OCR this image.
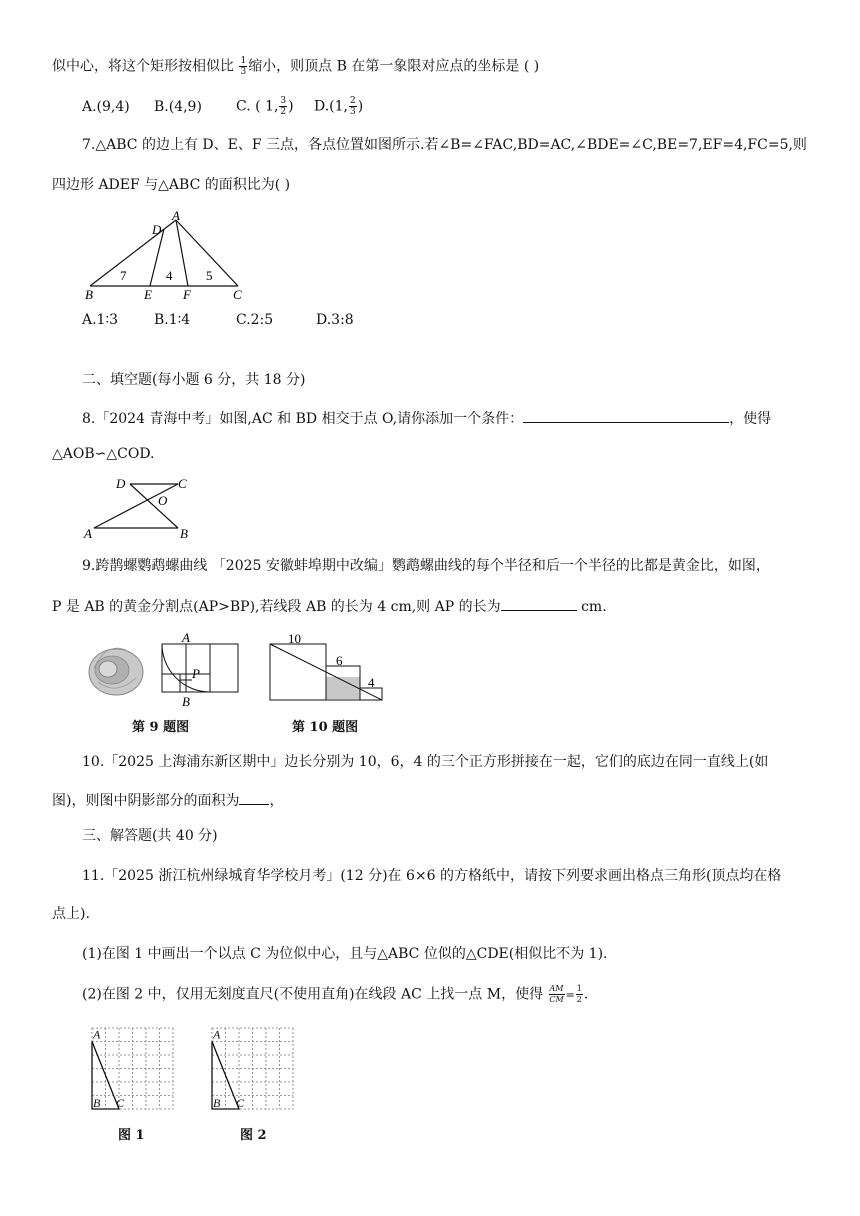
似中心，将这个矩形按相似比 $\frac{1}{3}$ 缩小，则顶点 B 在第一象限对应点的坐标是 ( )
A.(9,4) B.(4,9) C. ( 1, $\frac{3}{2}$ ) D.(1, $\frac{2}{3}$ )
7.△ABC 的边上有 D、E、F 三点，各点位置如图所示.若∠B=∠FAC,BD=AC,∠BDE=∠C,BE=7,EF=4,FC=5,则
四边形 ADEF 与△ABC 的面积比为( )
A
D
B	E F	C
7	4	5
A.1∶3	B.1∶4	C.2:5	D.3:8
二、填空题(每小题 6 分，共 18 分)
8.「2024 青海中考」如图,AC 和 BD 相交于点 O,请你添加一个条件：	，使得
△AOB∽△COD.
D	C
O
A	B
9.跨鹊螺鹦鹉螺曲线 「2025 安徽蚌埠期中改编」鹦鹉螺曲线的每个半径和后一个半径的比都是黄金比，如图，
P 是 AB 的黄金分割点(AP>BP),若线段 AB 的长为 4 cm,则 AP 的长为	cm.
A
P
B
第 9 题图
10
6
4
第 10 题图
10.「2025 上海浦东新区期中」边长分别为 10，6，4 的三个正方形拼接在一起，它们的底边在同一直线上(如
图)，则图中阴影部分的面积为 ，
三、解答题(共 40 分)
11.「2025 浙江杭州绿城育华学校月考」(12 分)在 6×6 的方格纸中，请按下列要求画出格点三角形(顶点均在格
点上).
(1)在图 1 中画出一个以点 C 为位似中心，且与△ABC 位似的△CDE(相似比不为 1).
(2)在图 2 中，仅用无刻度直尺(不使用直角)在线段 AC 上找一点 M，使得 $\frac{AM}{CM} = \frac{1}{2}$ .
A
B C
A
B C
图 1	图 2
